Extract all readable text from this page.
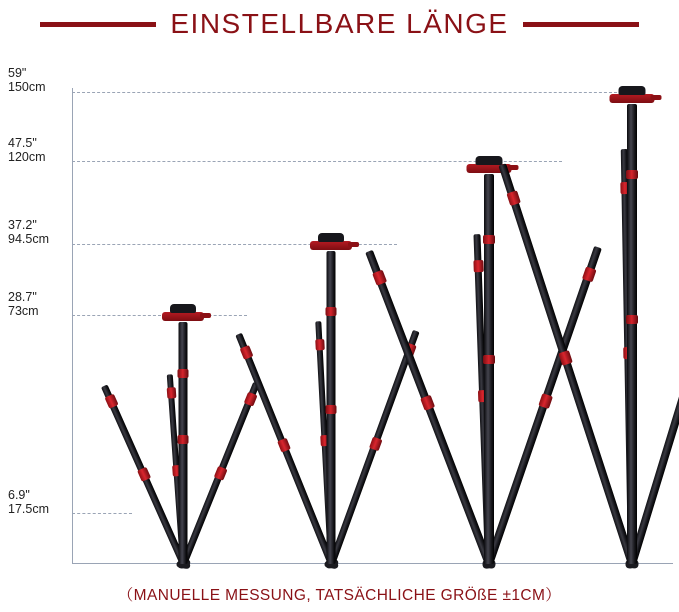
EINSTELLBARE LÄNGE
59"
150cm
47.5"
120cm
37.2"
94.5cm
28.7"
73cm
6.9"
17.5cm
（MANUELLE MESSUNG, TATSÄCHLICHE GRÖßE ±1CM）
